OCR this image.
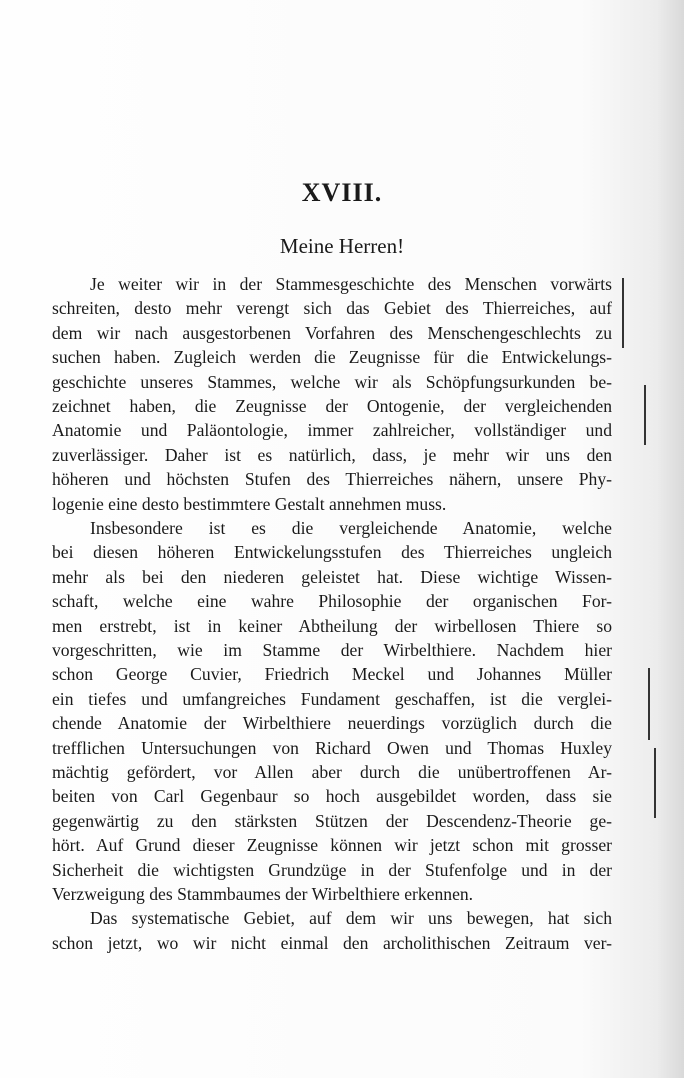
XVIII.
Meine Herren!
Je weiter wir in der Stammesgeschichte des Menschen vorwärts
schreiten, desto mehr verengt sich das Gebiet des Thierreiches, auf
dem wir nach ausgestorbenen Vorfahren des Menschengeschlechts zu
suchen haben. Zugleich werden die Zeugnisse für die Entwickelungs-
geschichte unseres Stammes, welche wir als Schöpfungsurkunden be-
zeichnet haben, die Zeugnisse der Ontogenie, der vergleichenden
Anatomie und Paläontologie, immer zahlreicher, vollständiger und
zuverlässiger. Daher ist es natürlich, dass, je mehr wir uns den
höheren und höchsten Stufen des Thierreiches nähern, unsere Phy-
logenie eine desto bestimmtere Gestalt annehmen muss.
Insbesondere ist es die vergleichende Anatomie, welche
bei diesen höheren Entwickelungsstufen des Thierreiches ungleich
mehr als bei den niederen geleistet hat. Diese wichtige Wissen-
schaft, welche eine wahre Philosophie der organischen For-
men erstrebt, ist in keiner Abtheilung der wirbellosen Thiere so
vorgeschritten, wie im Stamme der Wirbelthiere. Nachdem hier
schon George Cuvier, Friedrich Meckel und Johannes Müller
ein tiefes und umfangreiches Fundament geschaffen, ist die verglei-
chende Anatomie der Wirbelthiere neuerdings vorzüglich durch die
trefflichen Untersuchungen von Richard Owen und Thomas Huxley
mächtig gefördert, vor Allen aber durch die unübertroffenen Ar-
beiten von Carl Gegenbaur so hoch ausgebildet worden, dass sie
gegenwärtig zu den stärksten Stützen der Descendenz-Theorie ge-
hört. Auf Grund dieser Zeugnisse können wir jetzt schon mit grosser
Sicherheit die wichtigsten Grundzüge in der Stufenfolge und in der
Verzweigung des Stammbaumes der Wirbelthiere erkennen.
Das systematische Gebiet, auf dem wir uns bewegen, hat sich
schon jetzt, wo wir nicht einmal den archolithischen Zeitraum ver-
